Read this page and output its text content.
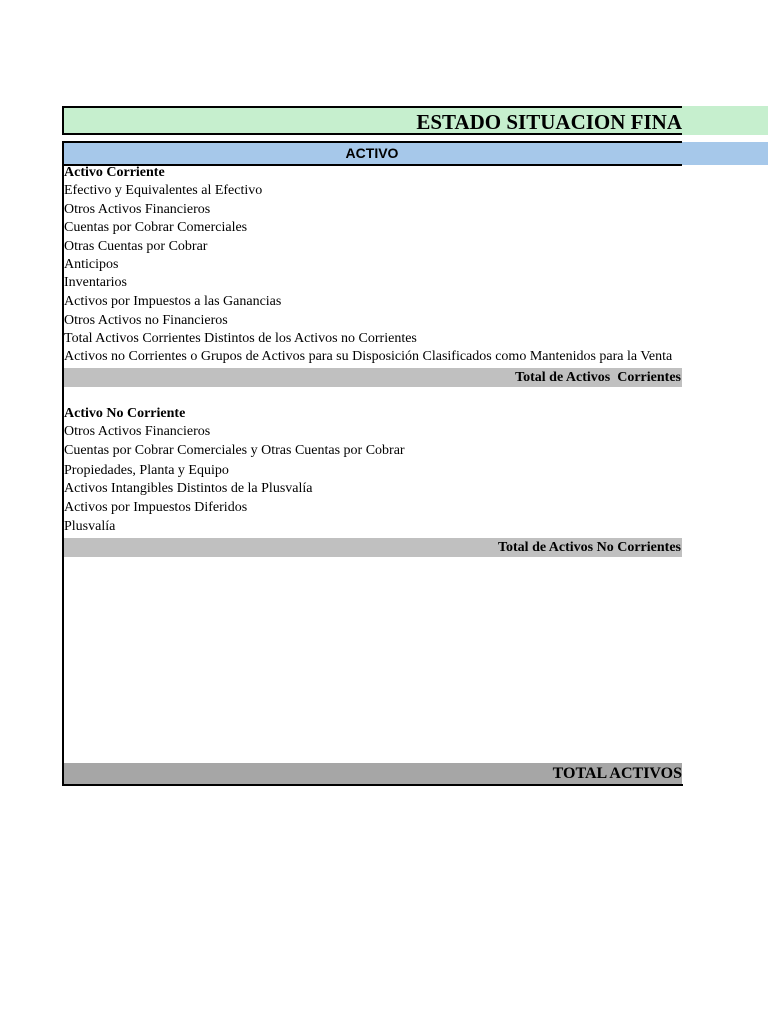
ESTADO SITUACION FINA
ACTIVO
Activo Corriente
Efectivo y Equivalentes al Efectivo
Otros Activos Financieros
Cuentas por Cobrar Comerciales
Otras Cuentas por Cobrar
Anticipos
Inventarios
Activos por Impuestos a las Ganancias
Otros Activos no Financieros
Total Activos Corrientes Distintos de los Activos no Corrientes
Activos no Corrientes o Grupos de Activos para su Disposición Clasificados como Mantenidos para la Venta
Total de Activos  Corrientes
Activo No Corriente
Otros Activos Financieros
Cuentas por Cobrar Comerciales y Otras Cuentas por Cobrar
Propiedades, Planta y Equipo
Activos Intangibles Distintos de la Plusvalía
Activos por Impuestos Diferidos
Plusvalía
Total de Activos No Corrientes
TOTAL ACTIVOS
